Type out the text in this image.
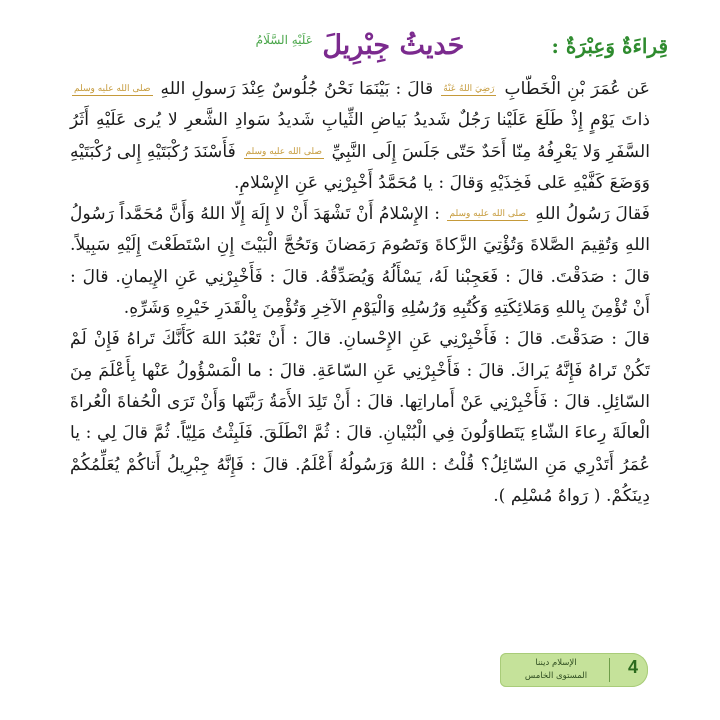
قِراءَةٌ وَعِبْرَةٌ :
حَديثُ جِبْرِيلَ $^{عَلَيْهِ السَّلَامُ}$

عَن عُمَرَ بْنِ الْخَطّابِ رَضِيَ اللهُ عَنْهُ قالَ : بَيْنَمَا نَحْنُ جُلُوسٌ عِنْدَ رَسولِ اللهِ صلى الله عليه وسلم ذاتَ يَوْمٍ إِذْ طَلَعَ عَلَيْنا رَجُلٌ شَديدُ بَياضِ الثِّيابِ شَديدُ سَوادِ الشَّعرِ لا يُرى عَلَيْهِ أَثَرُ السَّفَرِ وَلا يَعْرِفُهُ مِنّا أَحَدٌ حَتّى جَلَسَ إِلَى النَّبِيِّ صلى الله عليه وسلم فَأَسْنَدَ رُكْبَتَيْهِ إِلى رُكْبَتَيْهِ وَوَضَعَ كَفَّيْهِ عَلى فَخِذَيْهِ وَقالَ : يا مُحَمَّدُ أَخْبِرْنِي عَنِ الإِسْلامِ.

فَقالَ رَسُولُ اللهِ صلى الله عليه وسلم : الإِسْلامُ أَنْ تَشْهَدَ أَنْ لا إِلَهَ إِلّا اللهُ وَأَنَّ مُحَمَّداً رَسُولُ اللهِ وَتُقِيمَ الصَّلاةَ وَتُؤْتِيَ الزَّكاةَ وَتَصُومَ رَمَضانَ وَتَحُجَّ الْبَيْتَ إِنِ اسْتَطَعْتَ إِلَيْهِ سَبِيلاً. قالَ : صَدَقْتَ. قالَ : فَعَجِبْنا لَهُ، يَسْأَلُهُ وَيُصَدِّقُهُ. قالَ : فَأَخْبِرْنِي عَنِ الإِيمانِ. قالَ : أَنْ تُؤْمِنَ بِاللهِ وَمَلائِكَتِهِ وَكُتُبِهِ وَرُسُلِهِ وَالْيَوْمِ الآخِرِ وَتُؤْمِنَ بِالْقَدَرِ خَيْرِهِ وَشَرِّهِ.

قالَ : صَدَقْتَ. قالَ : فَأَخْبِرْنِي عَنِ الإِحْسانِ. قالَ : أَنْ تَعْبُدَ اللهَ كَأَنَّكَ تَراهُ فَإِنْ لَمْ تَكُنْ تَراهُ فَإِنَّهُ يَراكَ. قالَ : فَأَخْبِرْنِي عَنِ السّاعَةِ. قالَ : ما الْمَسْؤُولُ عَنْها بِأَعْلَمَ مِنَ السّائِلِ. قالَ : فَأَخْبِرْنِي عَنْ أَماراتِها. قالَ : أَنْ تَلِدَ الأَمَةُ رَبَّتَها وَأَنْ تَرَى الْحُفاةَ الْعُراةَ الْعالَةَ رِعاءَ الشّاءِ يَتَطاوَلُونَ فِي الْبُنْيانِ. قالَ : ثُمَّ انْطَلَقَ. فَلَبِثْتُ مَلِيّاً. ثُمَّ قالَ لِي : يا عُمَرُ أَتَدْرِي مَنِ السّائِلُ؟ قُلْتُ : اللهُ وَرَسُولُهُ أَعْلَمُ. قالَ : فَإِنَّهُ جِبْرِيلُ أَتاكُمْ يُعَلِّمُكُمْ دِينَكُمْ. ( رَواهُ مُسْلِم ).

4
الإسلام ديننا
المستوى الخامس
